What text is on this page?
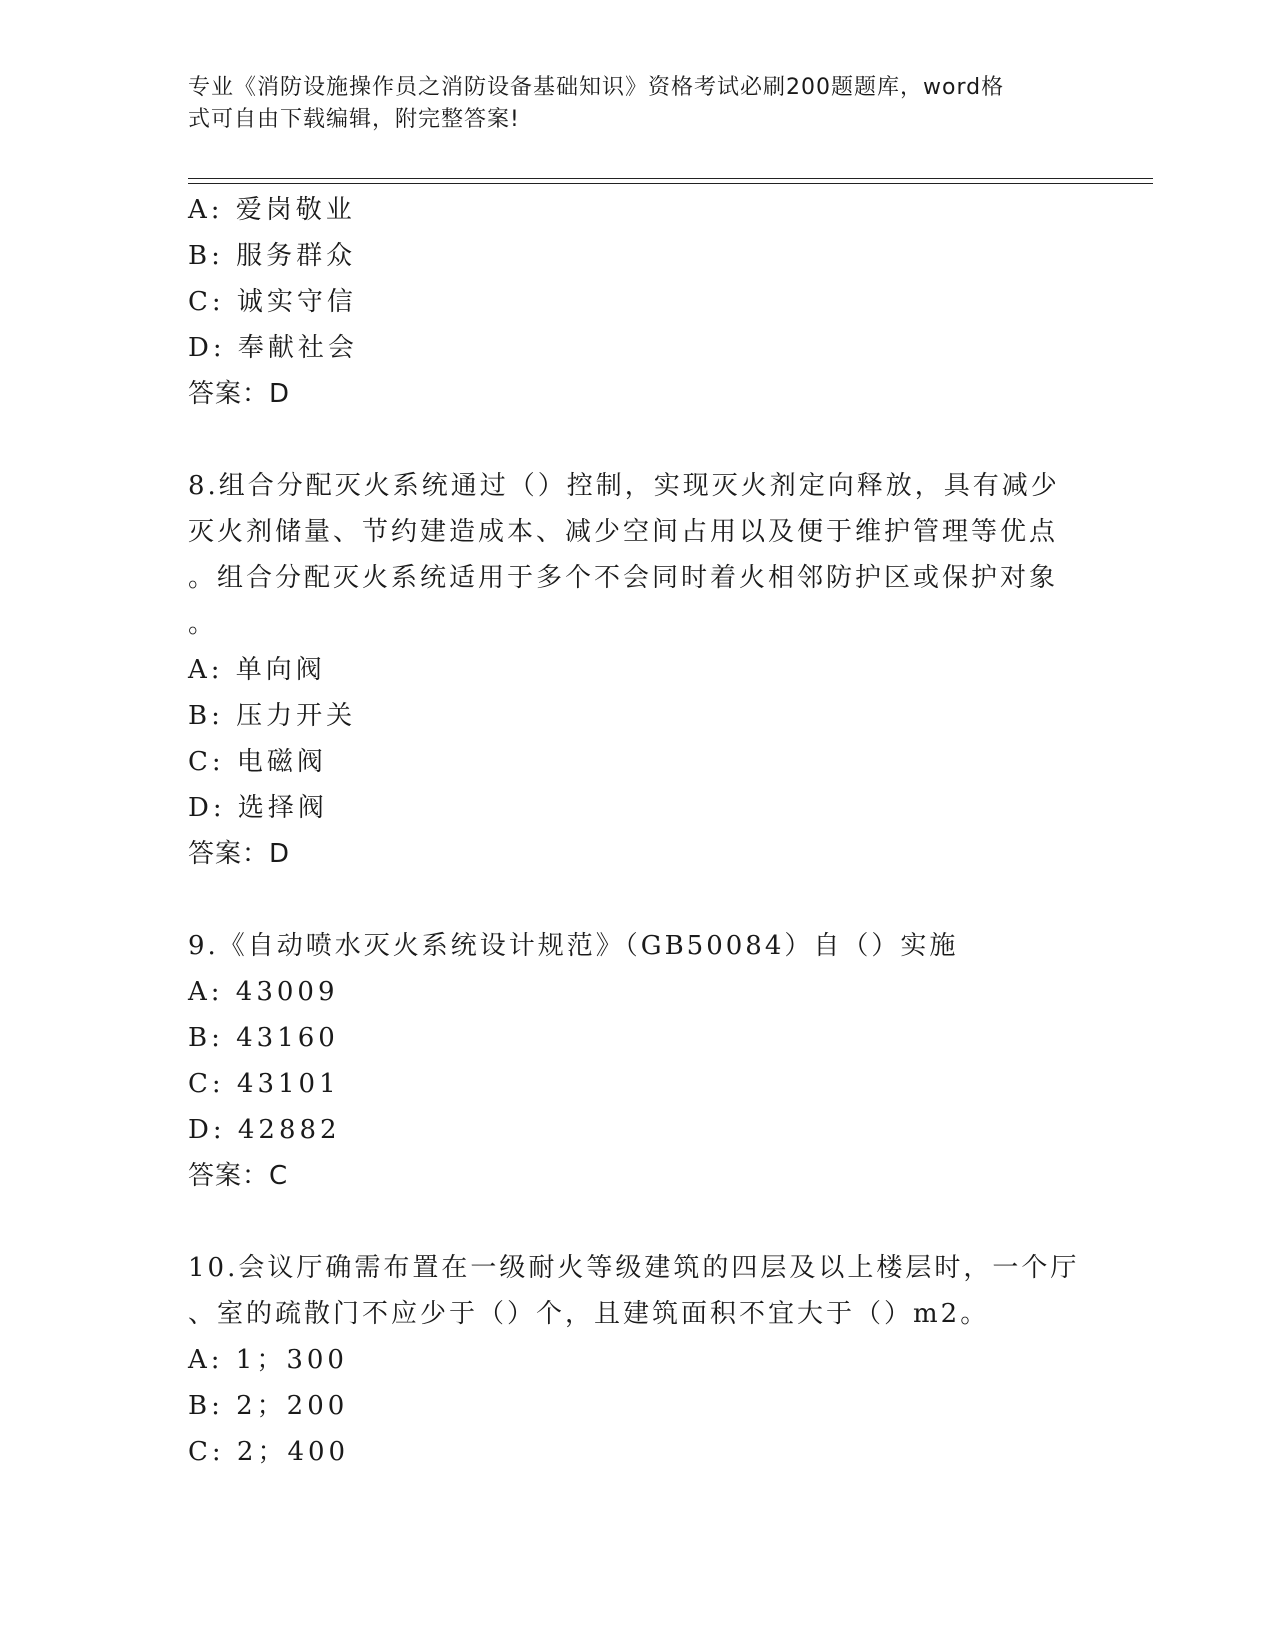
专业《消防设施操作员之消防设备基础知识》资格考试必刷200题题库，word格
式可自由下载编辑，附完整答案!
A: 爱岗敬业
B: 服务群众
C: 诚实守信
D: 奉献社会
答案：D
8.组合分配灭火系统通过（）控制，实现灭火剂定向释放，具有减少
灭火剂储量、节约建造成本、减少空间占用以及便于维护管理等优点
。组合分配灭火系统适用于多个不会同时着火相邻防护区或保护对象
。
A: 单向阀
B: 压力开关
C: 电磁阀
D: 选择阀
答案：D
9.《自动喷水灭火系统设计规范》（GB50084）自（）实施
A: 43009
B: 43160
C: 43101
D: 42882
答案：C
10.会议厅确需布置在一级耐火等级建筑的四层及以上楼层时，一个厅
、室的疏散门不应少于（）个，且建筑面积不宜大于（）m2。
A: 1；300
B: 2；200
C: 2；400
